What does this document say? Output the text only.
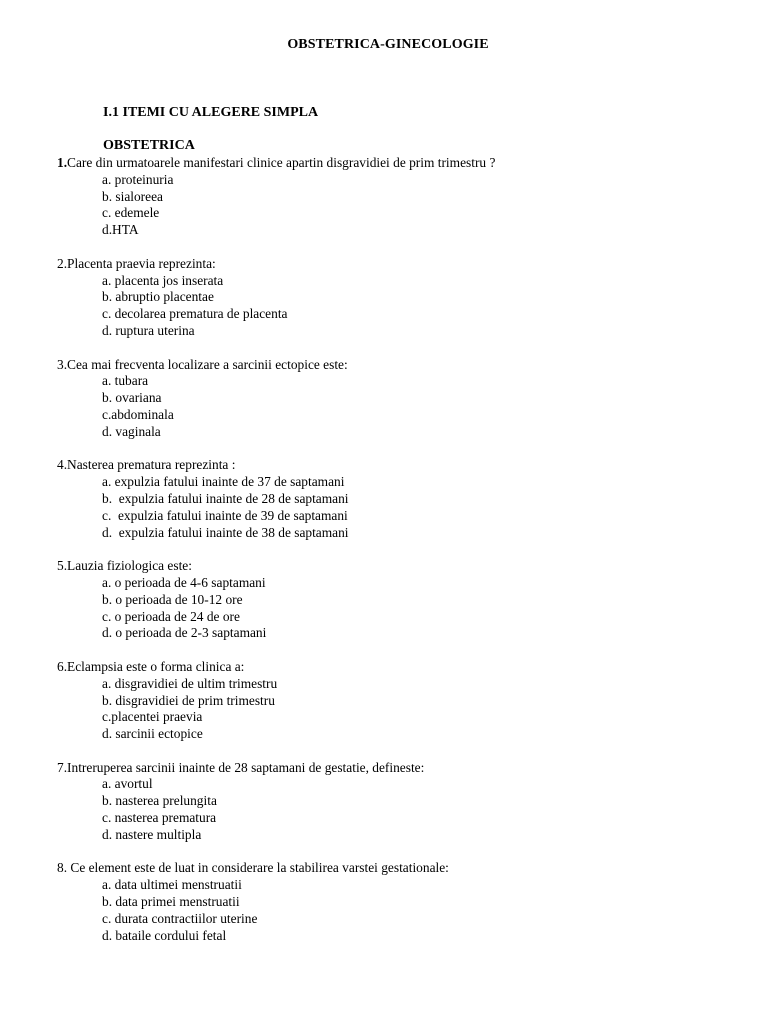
OBSTETRICA-GINECOLOGIE
I.1 ITEMI CU ALEGERE SIMPLA
OBSTETRICA
1.Care din urmatoarele manifestari clinice apartin disgravidiei de prim trimestru ?
a. proteinuria
b. sialoreea
c. edemele
d.HTA
2.Placenta praevia reprezinta:
a. placenta jos inserata
b. abruptio placentae
c. decolarea prematura de placenta
d. ruptura uterina
3.Cea mai frecventa localizare a sarcinii ectopice este:
a. tubara
b. ovariana
c.abdominala
d. vaginala
4.Nasterea prematura reprezinta :
a. expulzia fatului inainte de 37 de saptamani
b.  expulzia fatului inainte de 28 de saptamani
c.  expulzia fatului inainte de 39 de saptamani
d.  expulzia fatului inainte de 38 de saptamani
5.Lauzia fiziologica este:
a. o perioada de 4-6 saptamani
b. o perioada de 10-12 ore
c. o perioada de 24 de ore
d. o perioada de 2-3 saptamani
6.Eclampsia este o forma clinica a:
a. disgravidiei de ultim trimestru
b. disgravidiei de prim trimestru
c.placentei praevia
d. sarcinii ectopice
7.Intreruperea sarcinii inainte de 28 saptamani de gestatie, defineste:
a. avortul
b. nasterea prelungita
c. nasterea prematura
d. nastere multipla
8. Ce element este de luat in considerare la stabilirea varstei gestationale:
a. data ultimei menstruatii
b. data primei menstruatii
c. durata contractiilor uterine
d. bataile cordului fetal
